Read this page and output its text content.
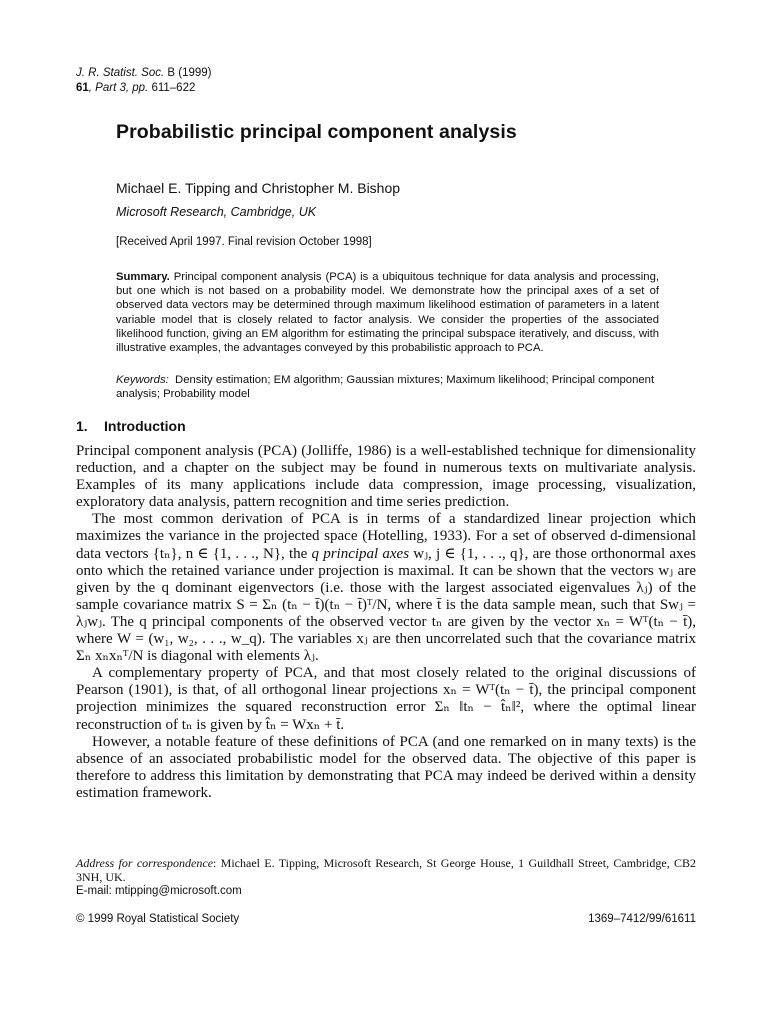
J. R. Statist. Soc. B (1999)
61, Part 3, pp. 611–622
Probabilistic principal component analysis
Michael E. Tipping and Christopher M. Bishop
Microsoft Research, Cambridge, UK
[Received April 1997. Final revision October 1998]
Summary. Principal component analysis (PCA) is a ubiquitous technique for data analysis and processing, but one which is not based on a probability model. We demonstrate how the principal axes of a set of observed data vectors may be determined through maximum likelihood estimation of parameters in a latent variable model that is closely related to factor analysis. We consider the properties of the associated likelihood function, giving an EM algorithm for estimating the principal subspace iteratively, and discuss, with illustrative examples, the advantages conveyed by this probabilistic approach to PCA.
Keywords: Density estimation; EM algorithm; Gaussian mixtures; Maximum likelihood; Principal component analysis; Probability model
1. Introduction

Principal component analysis (PCA) (Jolliffe, 1986) is a well-established technique for dimensionality reduction, and a chapter on the subject may be found in numerous texts on multivariate analysis. Examples of its many applications include data compression, image processing, visualization, exploratory data analysis, pattern recognition and time series prediction.

The most common derivation of PCA is in terms of a standardized linear projection which maximizes the variance in the projected space (Hotelling, 1933). For a set of observed d-dimensional data vectors {tₙ}, n ∈ {1, . . ., N}, the q principal axes wⱼ, j ∈ {1, . . ., q}, are those orthonormal axes onto which the retained variance under projection is maximal. It can be shown that the vectors wⱼ are given by the q dominant eigenvectors (i.e. those with the largest associated eigenvalues λⱼ) of the sample covariance matrix S = Σₙ (tₙ − t̄)(tₙ − t̄)ᵀ/N, where t̄ is the data sample mean, such that Swⱼ = λⱼwⱼ. The q principal components of the observed vector tₙ are given by the vector xₙ = Wᵀ(tₙ − t̄), where W = (w₁, w₂, . . ., w_q). The variables xⱼ are then uncorrelated such that the covariance matrix Σₙ xₙxₙᵀ/N is diagonal with elements λⱼ.

A complementary property of PCA, and that most closely related to the original discussions of Pearson (1901), is that, of all orthogonal linear projections xₙ = Wᵀ(tₙ − t̄), the principal component projection minimizes the squared reconstruction error Σₙ ‖tₙ − t̂ₙ‖², where the optimal linear reconstruction of tₙ is given by t̂ₙ = Wxₙ + t̄.

However, a notable feature of these definitions of PCA (and one remarked on in many texts) is the absence of an associated probabilistic model for the observed data. The objective of this paper is therefore to address this limitation by demonstrating that PCA may indeed be derived within a density estimation framework.

Address for correspondence: Michael E. Tipping, Microsoft Research, St George House, 1 Guildhall Street, Cambridge, CB2 3NH, UK.
E-mail: mtipping@microsoft.com
© 1999 Royal Statistical Society	1369–7412/99/61611
